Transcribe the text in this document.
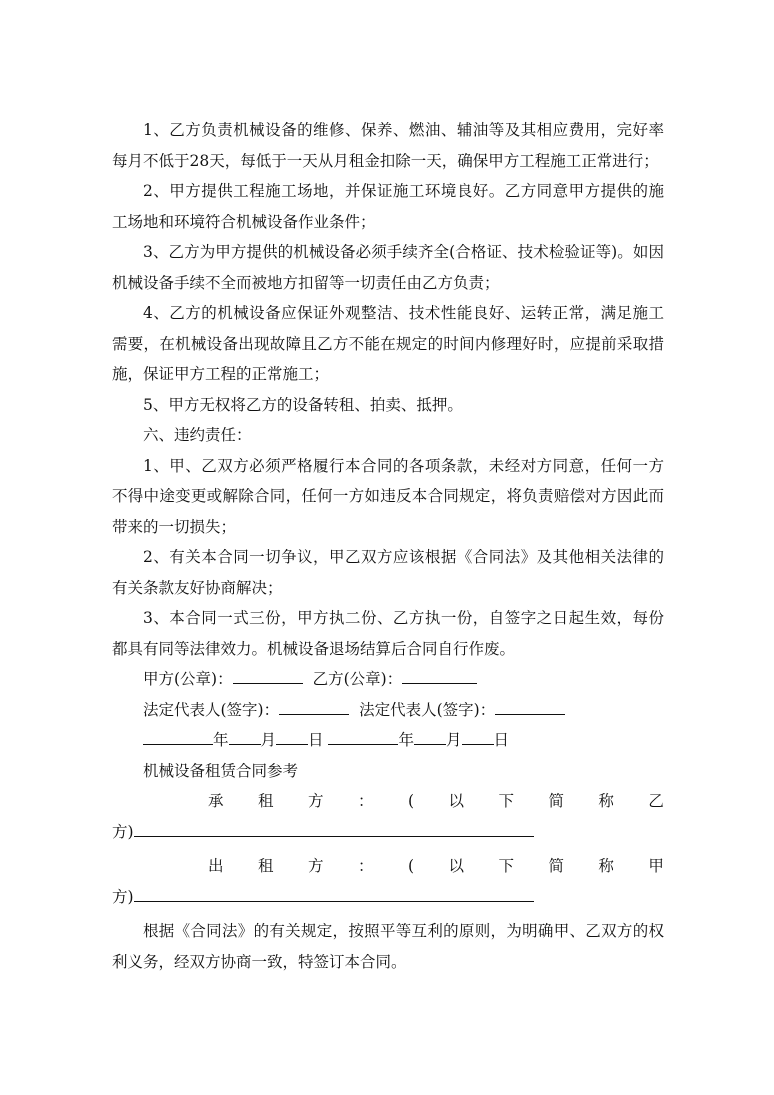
1、乙方负责机械设备的维修、保养、燃油、辅油等及其相应费用，完好率每月不低于28天，每低于一天从月租金扣除一天，确保甲方工程施工正常进行；

2、甲方提供工程施工场地，并保证施工环境良好。乙方同意甲方提供的施工场地和环境符合机械设备作业条件；

3、乙方为甲方提供的机械设备必须手续齐全(合格证、技术检验证等)。如因机械设备手续不全而被地方扣留等一切责任由乙方负责；

4、乙方的机械设备应保证外观整洁、技术性能良好、运转正常，满足施工需要，在机械设备出现故障且乙方不能在规定的时间内修理好时，应提前采取措施，保证甲方工程的正常施工；

5、甲方无权将乙方的设备转租、拍卖、抵押。

六、违约责任：

1、甲、乙双方必须严格履行本合同的各项条款，未经对方同意，任何一方不得中途变更或解除合同，任何一方如违反本合同规定，将负责赔偿对方因此而带来的一切损失；

2、有关本合同一切争议，甲乙双方应该根据《合同法》及其他相关法律的有关条款友好协商解决；

3、本合同一式三份，甲方执二份、乙方执一份，自签字之日起生效，每份都具有同等法律效力。机械设备退场结算后合同自行作废。

甲方(公章)：	乙方(公章)：

法定代表人(签字)：	法定代表人(签字)：

年 月 日	年 月 日

机械设备租赁合同参考

承 租 方 ： ( 以 下 简 称 乙

方)

出 租 方 ： ( 以 下 简 称 甲

方)

根据《合同法》的有关规定，按照平等互利的原则，为明确甲、乙双方的权利义务，经双方协商一致，特签订本合同。
